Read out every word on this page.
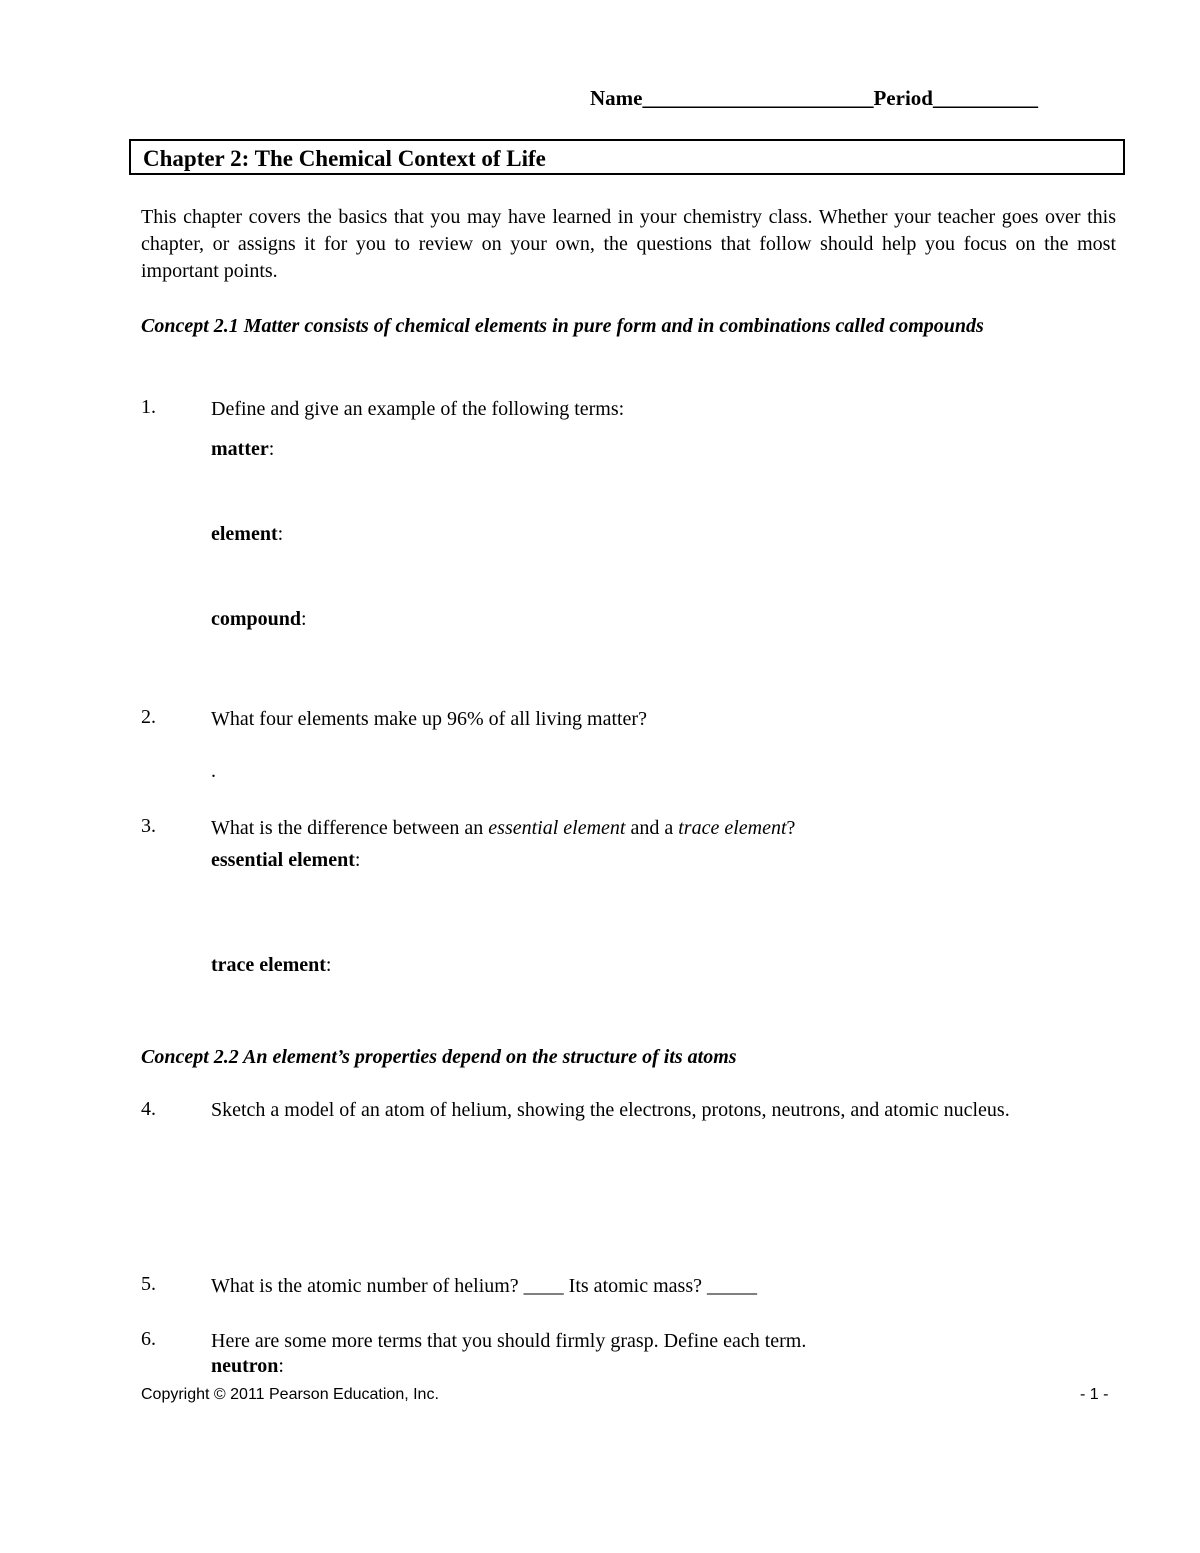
Name______________________Period__________
Chapter 2: The Chemical Context of Life
This chapter covers the basics that you may have learned in your chemistry class. Whether your teacher goes over this chapter, or assigns it for you to review on your own, the questions that follow should help you focus on the most important points.
Concept 2.1 Matter consists of chemical elements in pure form and in combinations called compounds
1.	Define and give an example of the following terms:
matter:
element:
compound:
2.	What four elements make up 96% of all living matter?
.
3.	What is the difference between an essential element and a trace element?
essential element:
trace element:
Concept 2.2 An element’s properties depend on the structure of its atoms
4.	Sketch a model of an atom of helium, showing the electrons, protons, neutrons, and atomic nucleus.
5.	What is the atomic number of helium? ____ Its atomic mass? _____
6.	Here are some more terms that you should firmly grasp. Define each term.
neutron:
Copyright © 2011 Pearson Education, Inc.	- 1 -
